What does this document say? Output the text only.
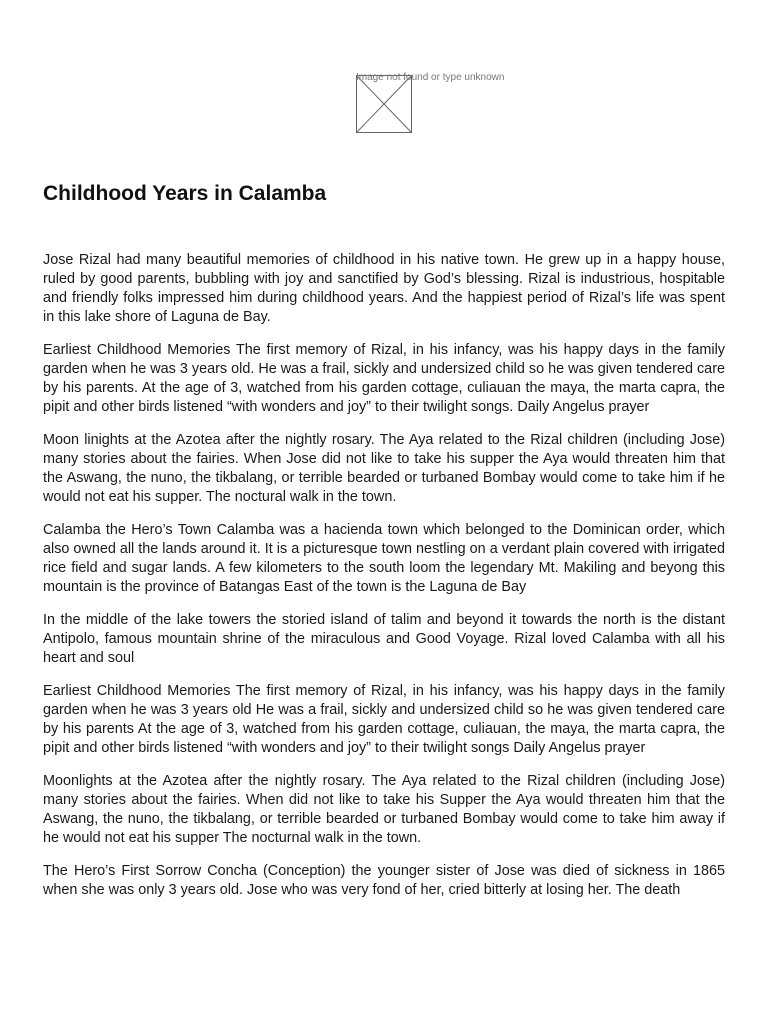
Image not found or type unknown
Childhood Years in Calamba

Jose Rizal had many beautiful memories of childhood in his native town. He grew up in a happy house, ruled by good parents, bubbling with joy and sanctified by God’s blessing. Rizal is industrious, hospitable and friendly folks impressed him during childhood years. And the happiest period of Rizal’s life was spent in this lake shore of Laguna de Bay.

Earliest Childhood Memories The first memory of Rizal, in his infancy, was his happy days in the family garden when he was 3 years old. He was a frail, sickly and undersized child so he was given tendered care by his parents. At the age of 3, watched from his garden cottage, culiauan the maya, the marta capra, the pipit and other birds listened “with wonders and joy” to their twilight songs. Daily Angelus prayer

Moon linights at the Azotea after the nightly rosary. The Aya related to the Rizal children (including Jose) many stories about the fairies. When Jose did not like to take his supper the Aya would threaten him that the Aswang, the nuno, the tikbalang, or terrible bearded or turbaned Bombay would come to take him if he would not eat his supper. The noctural walk in the town.

Calamba the Hero’s Town Calamba was a hacienda town which belonged to the Dominican order, which also owned all the lands around it. It is a picturesque town nestling on a verdant plain covered with irrigated rice field and sugar lands. A few kilometers to the south loom the legendary Mt. Makiling and beyong this mountain is the province of Batangas East of the town is the Laguna de Bay

In the middle of the lake towers the storied island of talim and beyond it towards the north is the distant Antipolo, famous mountain shrine of the miraculous and Good Voyage. Rizal loved Calamba with all his heart and soul

Earliest Childhood Memories The first memory of Rizal, in his infancy, was his happy days in the family garden when he was 3 years old He was a frail, sickly and undersized child so he was given tendered care by his parents At the age of 3, watched from his garden cottage, culiauan, the maya, the marta capra, the pipit and other birds listened “with wonders and joy” to their twilight songs Daily Angelus prayer

Moonlights at the Azotea after the nightly rosary. The Aya related to the Rizal children (including Jose) many stories about the fairies. When did not like to take his Supper the Aya would threaten him that the Aswang, the nuno, the tikbalang, or terrible bearded or turbaned Bombay would come to take him away if he would not eat his supper The nocturnal walk in the town.

The Hero’s First Sorrow Concha (Conception) the younger sister of Jose was died of sickness in 1865 when she was only 3 years old. Jose who was very fond of her, cried bitterly at losing her. The death
